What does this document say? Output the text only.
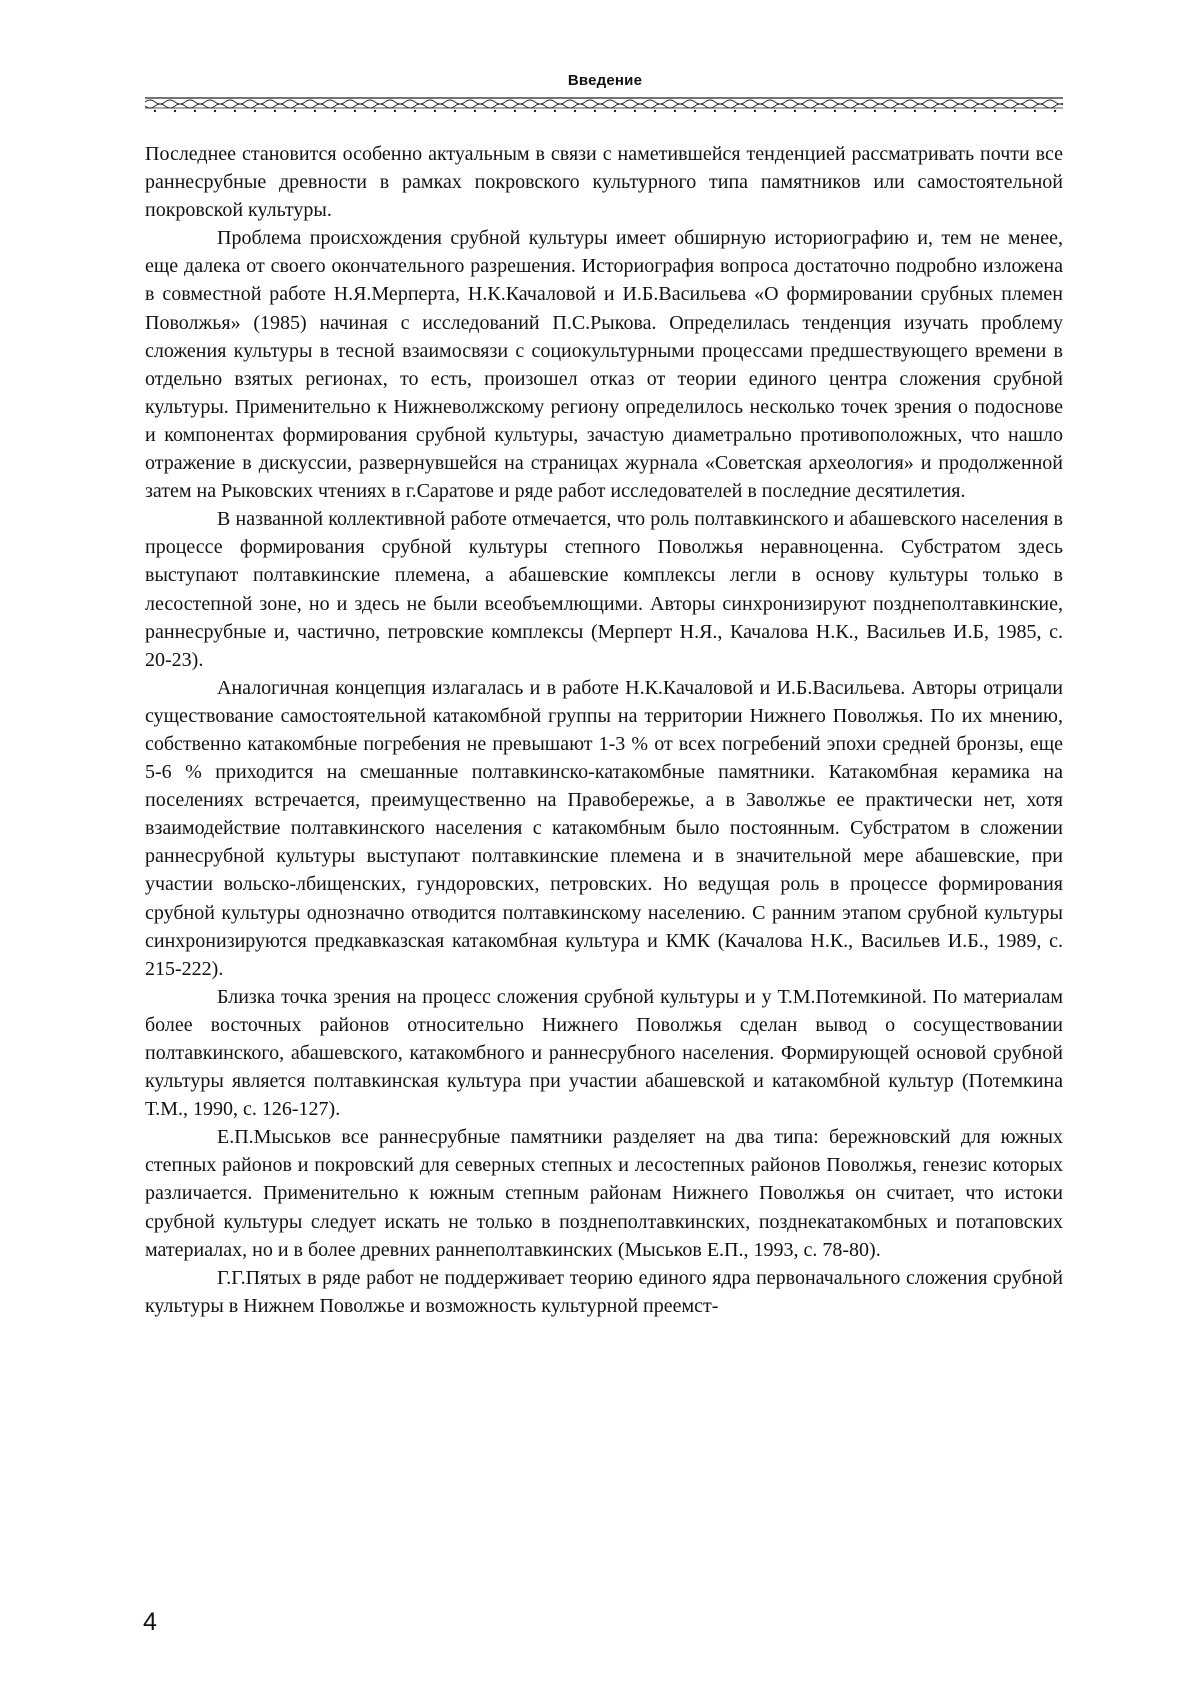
Введение

Последнее становится особенно актуальным в связи с наметившейся тенденцией рассматривать почти все раннесрубные древности в рамках покровского культурного типа памятников или самостоятельной покровской культуры.

Проблема происхождения срубной культуры имеет обширную историографию и, тем не менее, еще далека от своего окончательного разрешения. Историография вопроса достаточно подробно изложена в совместной работе Н.Я.Мерперта, Н.К.Качаловой и И.Б.Васильева «О формировании срубных племен Поволжья» (1985) начиная с исследований П.С.Рыкова. Определилась тенденция изучать проблему сложения культуры в тесной взаимосвязи с социокультурными процессами предшествующего времени в отдельно взятых регионах, то есть, произошел отказ от теории единого центра сложения срубной культуры. Применительно к Нижневолжскому региону определилось несколько точек зрения о подоснове и компонентах формирования срубной культуры, зачастую диаметрально противоположных, что нашло отражение в дискуссии, развернувшейся на страницах журнала «Советская археология» и продолженной затем на Рыковских чтениях в г.Саратове и ряде работ исследователей в последние десятилетия.

В названной коллективной работе отмечается, что роль полтавкинского и абашевского населения в процессе формирования срубной культуры степного Поволжья неравноценна. Субстратом здесь выступают полтавкинские племена, а абашевские комплексы легли в основу культуры только в лесостепной зоне, но и здесь не были всеобъемлющими. Авторы синхронизируют позднеполтавкинские, раннесрубные и, частично, петровские комплексы (Мерперт Н.Я., Качалова Н.К., Васильев И.Б, 1985, с. 20-23).

Аналогичная концепция излагалась и в работе Н.К.Качаловой и И.Б.Васильева. Авторы отрицали существование самостоятельной катакомбной группы на территории Нижнего Поволжья. По их мнению, собственно катакомбные погребения не превышают 1-3 % от всех погребений эпохи средней бронзы, еще 5-6 % приходится на смешанные полтавкинско-катакомбные памятники. Катакомбная керамика на поселениях встречается, преимущественно на Правобережье, а в Заволжье ее практически нет, хотя взаимодействие полтавкинского населения с катакомбным было постоянным. Субстратом в сложении раннесрубной культуры выступают полтавкинские племена и в значительной мере абашевские, при участии вольско-лбищенских, гундоровских, петровских. Но ведущая роль в процессе формирования срубной культуры однозначно отводится полтавкинскому населению. С ранним этапом срубной культуры синхронизируются предкавказская катакомбная культура и КМК (Качалова Н.К., Васильев И.Б., 1989, с. 215-222).

Близка точка зрения на процесс сложения срубной культуры и у Т.М.Потемкиной. По материалам более восточных районов относительно Нижнего Поволжья сделан вывод о сосуществовании полтавкинского, абашевского, катакомбного и раннесрубного населения. Формирующей основой срубной культуры является полтавкинская культура при участии абашевской и катакомбной культур (Потемкина Т.М., 1990, с. 126-127).

Е.П.Мыськов все раннесрубные памятники разделяет на два типа: бережновский для южных степных районов и покровский для северных степных и лесостепных районов Поволжья, генезис которых различается. Применительно к южным степным районам Нижнего Поволжья он считает, что истоки срубной культуры следует искать не только в позднеполтавкинских, позднекатакомбных и потаповских материалах, но и в более древних раннеполтавкинских (Мыськов Е.П., 1993, с. 78-80).

Г.Г.Пятых в ряде работ не поддерживает теорию единого ядра первоначального сложения срубной культуры в Нижнем Поволжье и возможность культурной преемст-

4
